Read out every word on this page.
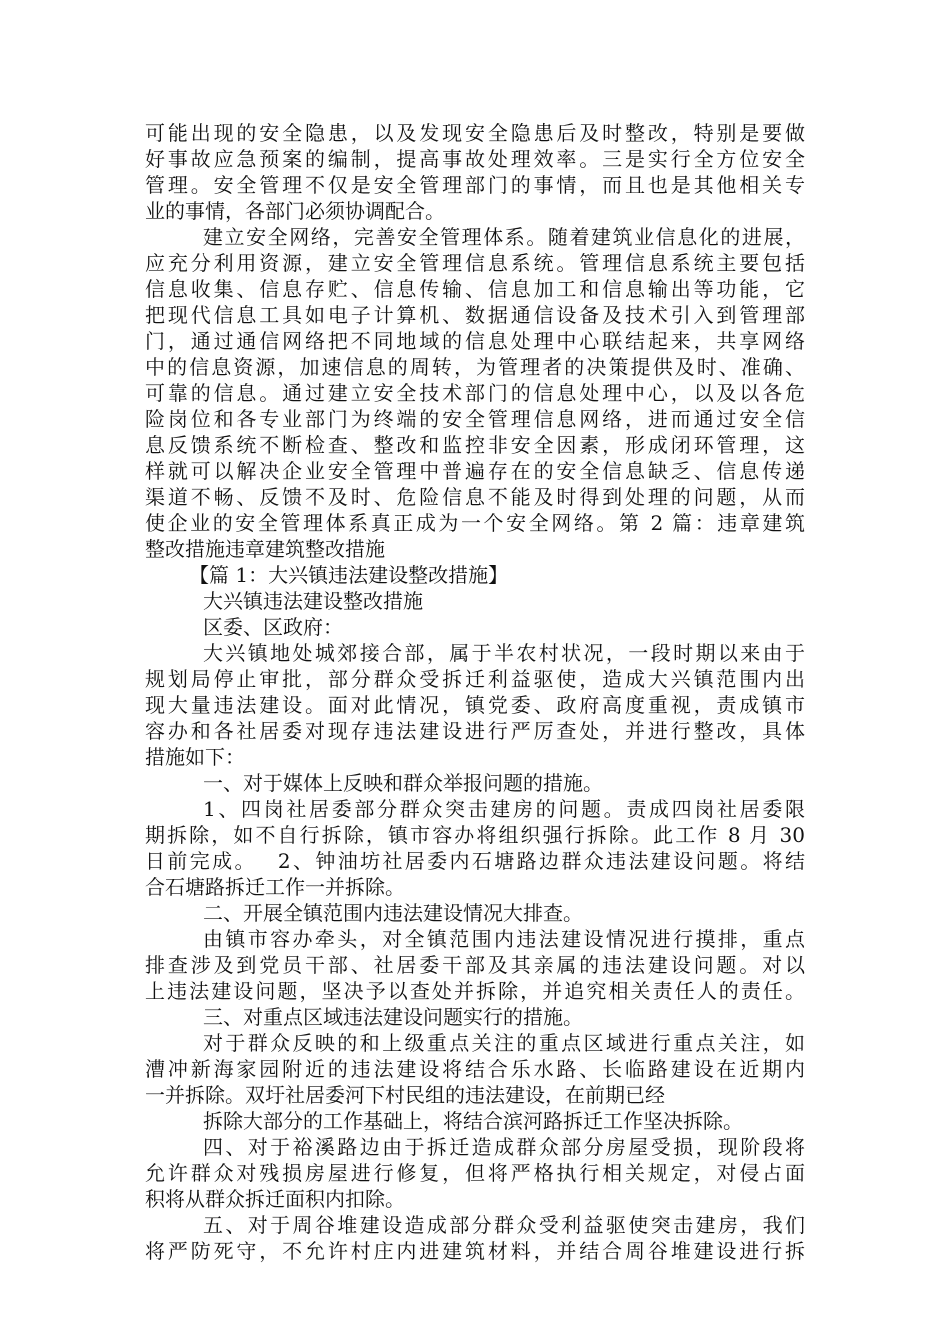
可能出现的安全隐患，以及发现安全隐患后及时整改，特别是要做
好事故应急预案的编制，提高事故处理效率。三是实行全方位安全
管理。安全管理不仅是安全管理部门的事情，而且也是其他相关专
业的事情，各部门必须协调配合。
建立安全网络，完善安全管理体系。随着建筑业信息化的进展，
应充分利用资源，建立安全管理信息系统。管理信息系统主要包括
信息收集、信息存贮、信息传输、信息加工和信息输出等功能，它
把现代信息工具如电子计算机、数据通信设备及技术引入到管理部
门，通过通信网络把不同地域的信息处理中心联结起来，共享网络
中的信息资源，加速信息的周转，为管理者的决策提供及时、准确、
可靠的信息。通过建立安全技术部门的信息处理中心，以及以各危
险岗位和各专业部门为终端的安全管理信息网络，进而通过安全信
息反馈系统不断检查、整改和监控非安全因素，形成闭环管理，这
样就可以解决企业安全管理中普遍存在的安全信息缺乏、信息传递
渠道不畅、反馈不及时、危险信息不能及时得到处理的问题，从而
使企业的安全管理体系真正成为一个安全网络。第 2 篇：违章建筑
整改措施违章建筑整改措施
【篇 1：大兴镇违法建设整改措施】
大兴镇违法建设整改措施
区委、区政府：
大兴镇地处城郊接合部，属于半农村状况，一段时期以来由于
规划局停止审批，部分群众受拆迁利益驱使，造成大兴镇范围内出
现大量违法建设。面对此情况，镇党委、政府高度重视，责成镇市
容办和各社居委对现存违法建设进行严厉查处，并进行整改，具体
措施如下：
一、对于媒体上反映和群众举报问题的措施。
1、四岗社居委部分群众突击建房的问题。责成四岗社居委限
期拆除，如不自行拆除，镇市容办将组织强行拆除。此工作 8 月 30
日前完成。　 2、钟油坊社居委内石塘路边群众违法建设问题。将结
合石塘路拆迁工作一并拆除。
二、开展全镇范围内违法建设情况大排查。
由镇市容办牵头，对全镇范围内违法建设情况进行摸排，重点
排查涉及到党员干部、社居委干部及其亲属的违法建设问题。对以
上违法建设问题，坚决予以查处并拆除，并追究相关责任人的责任。
三、对重点区域违法建设问题实行的措施。
对于群众反映的和上级重点关注的重点区域进行重点关注，如
漕冲新海家园附近的违法建设将结合乐水路、长临路建设在近期内
一并拆除。双圩社居委河下村民组的违法建设，在前期已经
拆除大部分的工作基础上，将结合滨河路拆迁工作坚决拆除。
四、对于裕溪路边由于拆迁造成群众部分房屋受损，现阶段将
允许群众对残损房屋进行修复，但将严格执行相关规定，对侵占面
积将从群众拆迁面积内扣除。
五、对于周谷堆建设造成部分群众受利益驱使突击建房，我们
将严防死守，不允许村庄内进建筑材料，并结合周谷堆建设进行拆
